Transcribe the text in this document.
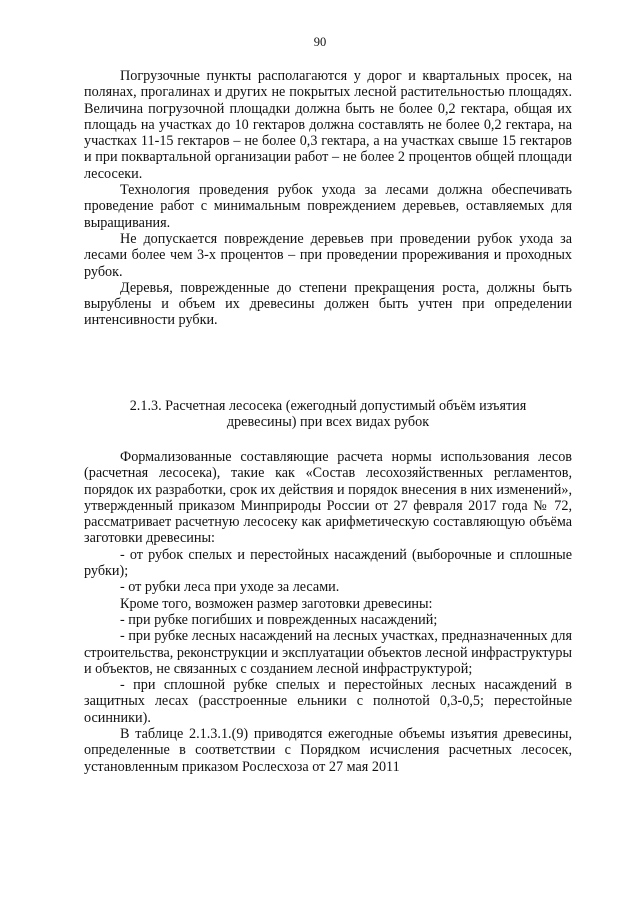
90

Погрузочные пункты располагаются у дорог и квартальных просек, на полянах, прогалинах и других не покрытых лесной растительностью площадях. Величина погрузочной площадки должна быть не более 0,2 гектара, общая их площадь на участках до 10 гектаров должна составлять не более 0,2 гектара, на участках 11-15 гектаров – не более 0,3 гектара, а на участках свыше 15 гектаров и при поквартальной организации работ – не более 2 процентов общей площади лесосеки.

Технология проведения рубок ухода за лесами должна обеспечивать проведение работ с минимальным повреждением деревьев, оставляемых для выращивания.

Не допускается повреждение деревьев при проведении рубок ухода за лесами более чем 3-х процентов – при проведении прореживания и проходных рубок.

Деревья, поврежденные до степени прекращения роста, должны быть вырублены и объем их древесины должен быть учтен при определении интенсивности рубки.

2.1.3. Расчетная лесосека (ежегодный допустимый объём изъятия
древесины) при всех видах рубок

Формализованные составляющие расчета нормы использования лесов (расчетная лесосека), такие как «Состав лесохозяйственных регламентов, порядок их разработки, срок их действия и порядок внесения в них изменений», утвержденный приказом Минприроды России от 27 февраля 2017 года № 72, рассматривает расчетную лесосеку как арифметическую составляющую объёма заготовки древесины:

- от рубок спелых и перестойных насаждений (выборочные и сплошные рубки);

- от рубки леса при уходе за лесами.

Кроме того, возможен размер заготовки древесины:

- при рубке погибших и поврежденных насаждений;

- при рубке лесных насаждений на лесных участках, предназначенных для строительства, реконструкции и эксплуатации объектов лесной инфраструктуры и объектов, не связанных с созданием лесной инфраструктурой;

- при сплошной рубке спелых и перестойных лесных насаждений в защитных лесах (расстроенные ельники с полнотой 0,3-0,5; перестойные осинники).

В таблице 2.1.3.1.(9) приводятся ежегодные объемы изъятия древесины, определенные в соответствии с Порядком исчисления расчетных лесосек, установленным приказом Рослесхоза от 27 мая 2011
